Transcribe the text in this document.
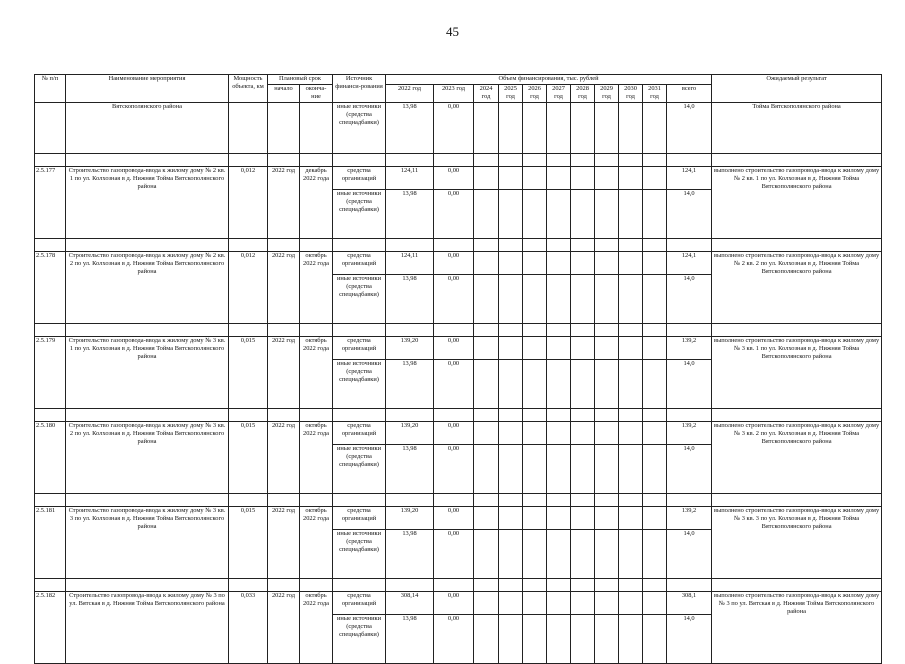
45
№ п/п	Наименование мероприятия	Мощность объекта, км	Плановый срок		Источник финанси-рования	Объем финансирования, тыс. рублей											Ожидаемый результат
			начало	оконча-ние		2022 год	2023 год	2024 год	2025 год	2026 год	2027 год	2028 год	2029 год	2030 год	2031 год	всего	

	Вятскополянского района				иные источники (средства спецнадбавки)	13,98	0,00									14,0	Тойма Вятскополянского района

2.5.177	Строительство газопровода-ввода к жилому дому № 2 кв. 1 по ул. Колхозная в д. Нижняя Тойма Вятскополянского района	0,012	2022 год	декабрь 2022 года	средства организаций	124,11	0,00									124,1	выполнено строительство газопровода-ввода к жилому дому № 2 кв. 1 по ул. Колхозная в д. Нижняя Тойма Вятскополянского района
					иные источники (средства спецнадбавки)	13,98	0,00									14,0	

2.5.178	Строительство газопровода-ввода к жилому дому № 2 кв. 2 по ул. Колхозная в д. Нижняя Тойма Вятскополянского района	0,012	2022 год	октябрь 2022 года	средства организаций	124,11	0,00									124,1	выполнено строительство газопровода-ввода к жилому дому № 2 кв. 2 по ул. Колхозная в д. Нижняя Тойма Вятскополянского района
					иные источники (средства спецнадбавки)	13,98	0,00									14,0	

2.5.179	Строительство газопровода-ввода к жилому дому № 3 кв. 1 по ул. Колхозная в д. Нижняя Тойма Вятскополянского района	0,015	2022 год	октябрь 2022 года	средства организаций	139,20	0,00									139,2	выполнено строительство газопровода-ввода к жилому дому № 3 кв. 1 по ул. Колхозная в д. Нижняя Тойма Вятскополянского района
					иные источники (средства спецнадбавки)	13,98	0,00									14,0	

2.5.180	Строительство газопровода-ввода к жилому дому № 3 кв. 2 по ул. Колхозная в д. Нижняя Тойма Вятскополянского района	0,015	2022 год	октябрь 2022 года	средства организаций	139,20	0,00									139,2	выполнено строительство газопровода-ввода к жилому дому № 3 кв. 2 по ул. Колхозная в д. Нижняя Тойма Вятскополянского района
					иные источники (средства спецнадбавки)	13,98	0,00									14,0	

2.5.181	Строительство газопровода-ввода к жилому дому № 3 кв. 3 по ул. Колхозная в д. Нижняя Тойма Вятскополянского района	0,015	2022 год	октябрь 2022 года	средства организаций	139,20	0,00									139,2	выполнено строительство газопровода-ввода к жилому дому № 3 кв. 3 по ул. Колхозная в д. Нижняя Тойма Вятскополянского района
					иные источники (средства спецнадбавки)	13,98	0,00									14,0	

2.5.182	Строительство газопровода-ввода к жилому дому № 3 по ул. Вятская в д. Нижняя Тойма Вятскополянского района	0,033	2022 год	октябрь 2022 года	средства организаций	308,14	0,00									308,1	выполнено строительство газопровода-ввода к жилому дому № 3 по ул. Вятская в д. Нижняя Тойма Вятскополянского района
					иные источники (средства спецнадбавки)	13,98	0,00									14,0	
